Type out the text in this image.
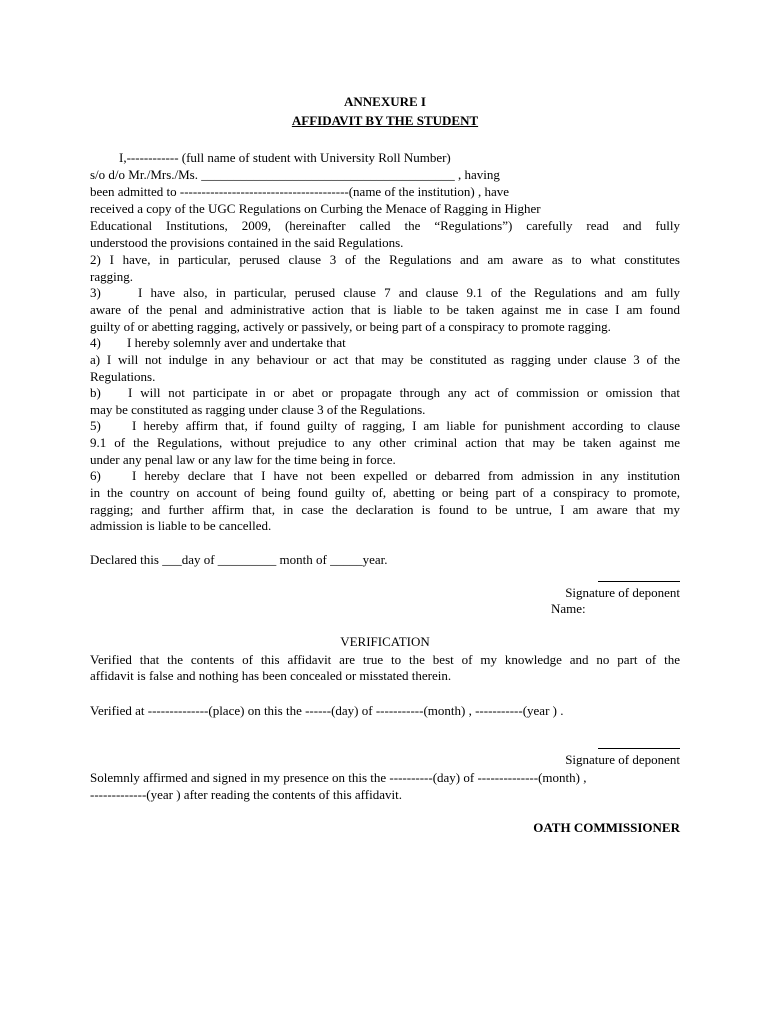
ANNEXURE I
AFFIDAVIT BY THE STUDENT
I,------------ (full name of student with University Roll Number)
s/o d/o Mr./Mrs./Ms. _______________________________________ , having
been admitted to ---------------------------------------(name of the institution) , have
received a copy of the UGC Regulations on Curbing the Menace of Ragging in Higher
Educational Institutions, 2009, (hereinafter called the “Regulations”) carefully read and fully
understood the provisions contained in the said Regulations.
2) I have, in particular, perused clause 3 of the Regulations and am aware as to what constitutes
ragging.
3)	I have also, in particular, perused clause 7 and clause 9.1 of the Regulations and am fully
aware of the penal and administrative action that is liable to be taken against me in case I am found
guilty of or abetting ragging, actively or passively, or being part of a conspiracy to promote ragging.
4) I hereby solemnly aver and undertake that
a) I will not indulge in any behaviour or act that may be constituted as ragging under clause 3 of the
Regulations.
b) I will not participate in or abet or propagate through any act of commission or omission that
may be constituted as ragging under clause 3 of the Regulations.
5) I hereby affirm that, if found guilty of ragging, I am liable for punishment according to clause
9.1 of the Regulations, without prejudice to any other criminal action that may be taken against me
under any penal law or any law for the time being in force.
6) I hereby declare that I have not been expelled or debarred from admission in any institution
in the country on account of being found guilty of, abetting or being part of a conspiracy to promote,
ragging; and further affirm that, in case the declaration is found to be untrue, I am aware that my
admission is liable to be cancelled.
Declared this ___day of _________ month of _____year.
Signature of deponent
Name:
VERIFICATION
Verified that the contents of this affidavit are true to the best of my knowledge and no part of the
affidavit is false and nothing has been concealed or misstated therein.
Verified at --------------(place) on this the ------(day) of -----------(month) , -----------(year ) .
Signature of deponent
Solemnly affirmed and signed in my presence on this the ----------(day) of --------------(month) ,
-------------(year ) after reading the contents of this affidavit.
OATH COMMISSIONER
